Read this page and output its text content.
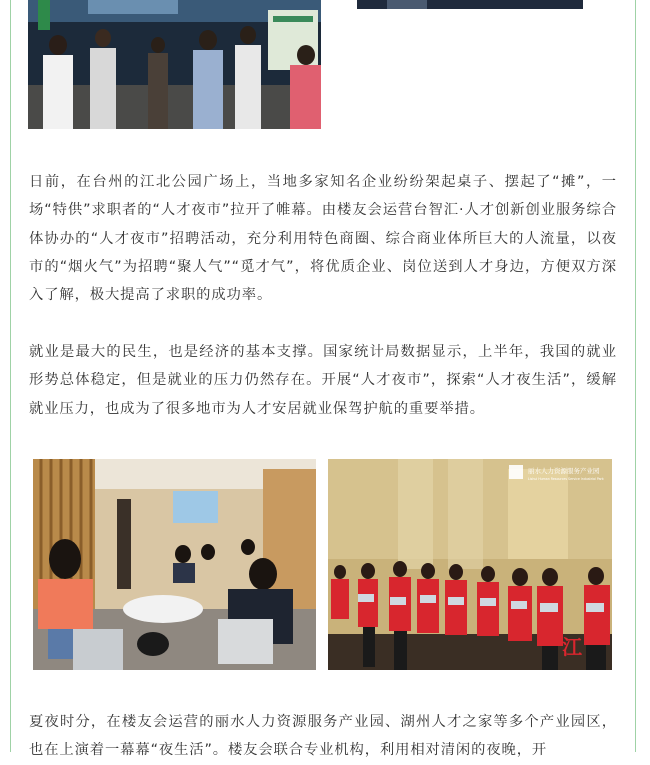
日前，在台州的江北公园广场上，当地多家知名企业纷纷架起桌子、摆起了“摊”，一场“特供”求职者的“人才夜市”拉开了帷幕。由楼友会运营台智汇·人才创新创业服务综合体协办的“人才夜市”招聘活动，充分利用特色商圈、综合商业体所巨大的人流量，以夜市的“烟火气”为招聘“聚人气”“觅才气”，将优质企业、岗位送到人才身边，方便双方深入了解，极大提高了求职的成功率。

就业是最大的民生，也是经济的基本支撑。国家统计局数据显示，上半年，我国的就业形势总体稳定，但是就业的压力仍然存在。开展“人才夜市”，探索“人才夜生活”，缓解就业压力，也成为了很多地市为人才安居就业保驾护航的重要举措。

丽水人力资源服务产业园
Lishui Human Resources Service Industrial Park
江

夏夜时分，在楼友会运营的丽水人力资源服务产业园、湖州人才之家等多个产业园区，也在上演着一幕幕“夜生活”。楼友会联合专业机构，利用相对清闲的夜晚，开
